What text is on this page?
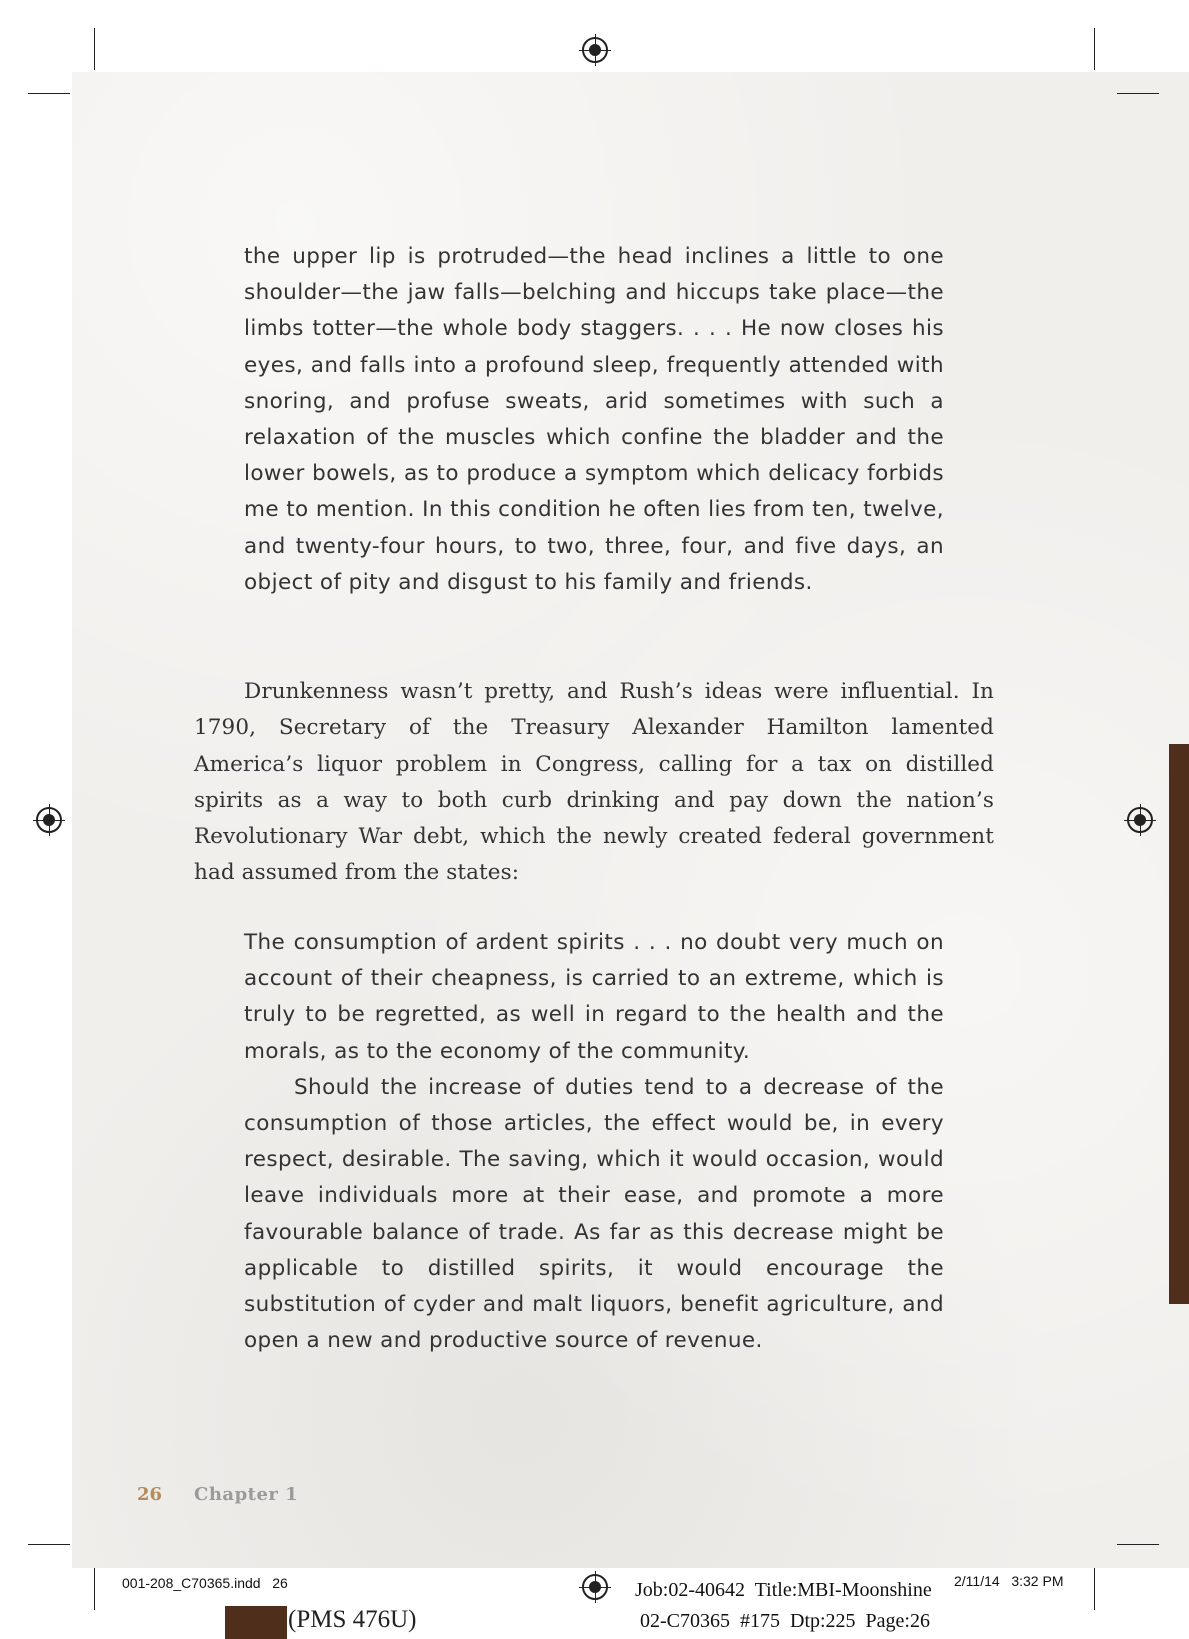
the upper lip is protruded—the head inclines a little to one shoulder—the jaw falls—belching and hiccups take place—the limbs totter—the whole body staggers. . . . He now closes his eyes, and falls into a profound sleep, frequently attended with snoring, and profuse sweats, arid sometimes with such a relaxation of the muscles which confine the bladder and the lower bowels, as to produce a symptom which delicacy forbids me to mention. In this condition he often lies from ten, twelve, and twenty-four hours, to two, three, four, and five days, an object of pity and disgust to his family and friends.

Drunkenness wasn’t pretty, and Rush’s ideas were influential. In 1790, Secretary of the Treasury Alexander Hamilton lamented America’s liquor problem in Congress, calling for a tax on distilled spirits as a way to both curb drinking and pay down the nation’s Revolutionary War debt, which the newly created federal government had assumed from the states:

The consumption of ardent spirits . . . no doubt very much on account of their cheapness, is carried to an extreme, which is truly to be regretted, as well in regard to the health and the morals, as to the economy of the community.

Should the increase of duties tend to a decrease of the consumption of those articles, the effect would be, in every respect, desirable. The saving, which it would occasion, would leave individuals more at their ease, and promote a more favourable balance of trade. As far as this decrease might be applicable to distilled spirits, it would encourage the substitution of cyder and malt liquors, benefit agriculture, and open a new and productive source of revenue.

26 Chapter 1
001-208_C70365.indd   26	Job:02-40642  Title:MBI-Moonshine 2/11/14   3:32 PM
02-C70365  #175  Dtp:225  Page:26
(PMS 476U)
